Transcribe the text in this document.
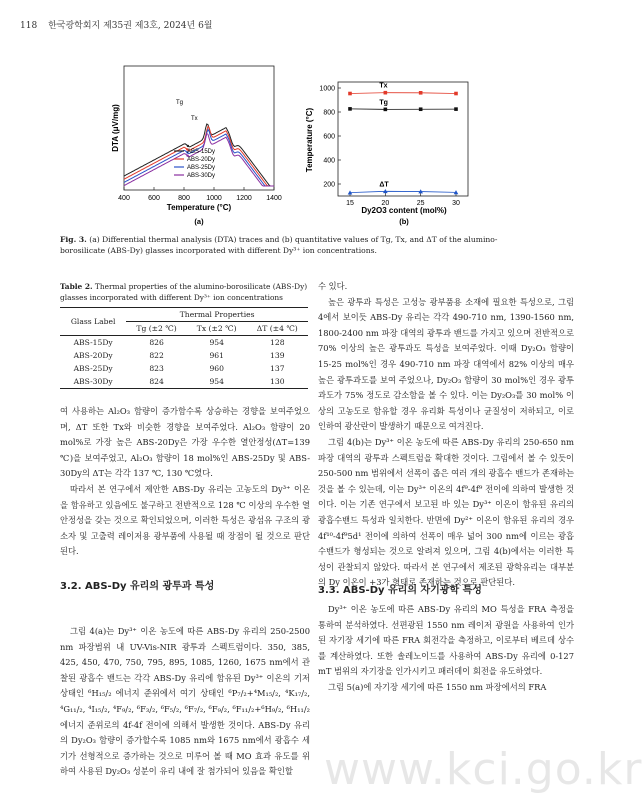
118 한국광학회지 제35권 제3호, 2024년 6월
400	600	800 1000 1200 1400
Tg
Tx
ABS-15Dy
ABS-20Dy
ABS-25Dy
ABS-30Dy
Temperature (°C)
(a)
DTA (μV/mg)
200
400
600
800
1000
15	20	25	30
Tx
Tg
ΔT
Dy2O3 content (mol%)
(b)
Temperature (°C)
Fig. 3. (a) Differential thermal analysis (DTA) traces and (b) quantitative values of Tg, Tx, and ΔT of the alumino-borosilicate (ABS-Dy) glasses incorporated with different Dy³⁺ ion concentrations.
Table 2. Thermal properties of the alumino-borosilicate (ABS-Dy) glasses incorporated with different Dy³⁺ ion concentrations
Glass Label	Thermal Properties		
	Tg (±2 ℃)	Tx (±2 ℃)	ΔT (±4 ℃)
ABS-15Dy	826	954	128
ABS-20Dy	822	961	139
ABS-25Dy	823	960	137
ABS-30Dy	824	954	130

여 사용하는 Al₂O₃ 함량이 증가함수록 상승하는 경향을 보여주었으며, ΔT 또한 Tx와 비슷한 경향을 보여주었다. Al₂O₃ 함량이 20 mol%로 가장 높은 ABS-20Dy은 가장 우수한 열안정성(ΔT=139 ℃)을 보여주었고, Al₂O₃ 함량이 18 mol%인 ABS-25Dy 및 ABS-30Dy의 ΔT는 각각 137 ℃, 130 ℃였다.

따라서 본 연구에서 제안한 ABS-Dy 유리는 고농도의 Dy³⁺ 이온을 함유하고 있음에도 불구하고 전반적으로 128 ℃ 이상의 우수한 열안정성을 갖는 것으로 확인되었으며, 이러한 특성은 광섬유 구조의 광소자 및 고출력 레이저용 광부품에 사용될 때 장점이 될 것으로 판단된다.

3.2. ABS-Dy 유리의 광투과 특성

그림 4(a)는 Dy³⁺ 이온 농도에 따른 ABS-Dy 유리의 250-2500 nm 파장범위 내 UV-Vis-NIR 광투과 스펙트럼이다. 350, 385, 425, 450, 470, 750, 795, 895, 1085, 1260, 1675 nm에서 관찰된 광흡수 밴드는 각각 ABS-Dy 유리에 함유된 Dy³⁺ 이온의 기저 상태인 ⁶H₁₅/₂ 에너지 준위에서 여기 상태인 ⁶P₇/₂+⁴M₁₅/₂, ⁴K₁₇/₂, ⁴G₁₁/₂, ⁴I₁₅/₂, ⁴F₉/₂, ⁶F₃/₂, ⁶F₅/₂, ⁶F₇/₂, ⁶F₉/₂, ⁶F₁₁/₂+⁶H₉/₂, ⁶H₁₁/₂ 에너지 준위로의 4f-4f 전이에 의해서 발생한 것이다. ABS-Dy 유리의 Dy₂O₃ 함량이 증가할수록 1085 nm와 1675 nm에서 광흡수 세기가 선형적으로 증가하는 것으로 미루어 볼 때 MO 효과 유도를 위하여 사용된 Dy₂O₃ 성분이 유리 내에 잘 첨가되어 있음을 확인할

수 있다.

높은 광투과 특성은 고성능 광부품용 소재에 필요한 특성으로, 그림 4에서 보이듯 ABS-Dy 유리는 각각 490-710 nm, 1390-1560 nm, 1800-2400 nm 파장 대역의 광투과 밴드를 가지고 있으며 전반적으로 70% 이상의 높은 광투과도 특성을 보여주었다. 이때 Dy₂O₃ 함량이 15-25 mol%인 경우 490-710 nm 파장 대역에서 82% 이상의 매우 높은 광투과도를 보여 주었으나, Dy₂O₃ 함량이 30 mol%인 경우 광투과도가 75% 정도로 감소함을 볼 수 있다. 이는 Dy₂O₃를 30 mol% 이상의 고농도로 함유할 경우 유리화 특성이나 균질성이 저하되고, 이로 인하여 광산란이 발생하기 때문으로 여겨진다.

그림 4(b)는 Dy³⁺ 이온 농도에 따른 ABS-Dy 유리의 250-650 nm 파장 대역의 광투과 스펙트럼을 확대한 것이다. 그림에서 볼 수 있듯이 250-500 nm 범위에서 선폭이 좁은 여러 개의 광흡수 밴드가 존재하는 것을 볼 수 있는데, 이는 Dy³⁺ 이온의 4f⁹-4f⁹ 전이에 의하여 발생한 것이다. 이는 기존 연구에서 보고된 바 있는 Dy³⁺ 이온이 함유된 유리의 광흡수밴드 특성과 일치한다. 반면에 Dy²⁺ 이온이 함유된 유리의 경우 4f¹⁰-4f⁹5d¹ 전이에 의하여 선폭이 매우 넓어 300 nm에 이르는 광흡수밴드가 형성되는 것으로 알려져 있으며, 그림 4(b)에서는 이러한 특성이 관찰되지 않았다. 따라서 본 연구에서 제조된 광학유리는 대부분의 Dy 이온이 +3가 형태로 존재하는 것으로 판단된다.

3.3. ABS-Dy 유리의 자기광학 특성

Dy³⁺ 이온 농도에 따른 ABS-Dy 유리의 MO 특성을 FRA 측정을 통하여 분석하였다. 선편광된 1550 nm 레이저 광원을 사용하여 인가된 자기장 세기에 따른 FRA 회전각을 측정하고, 이로부터 베르데 상수를 계산하였다. 또한 솔레노이드를 사용하여 ABS-Dy 유리에 0-127 mT 범위의 자기장을 인가시키고 패러데이 회전을 유도하였다.

그림 5(a)에 자기장 세기에 따른 1550 nm 파장에서의 FRA

www.kci.go.kr
